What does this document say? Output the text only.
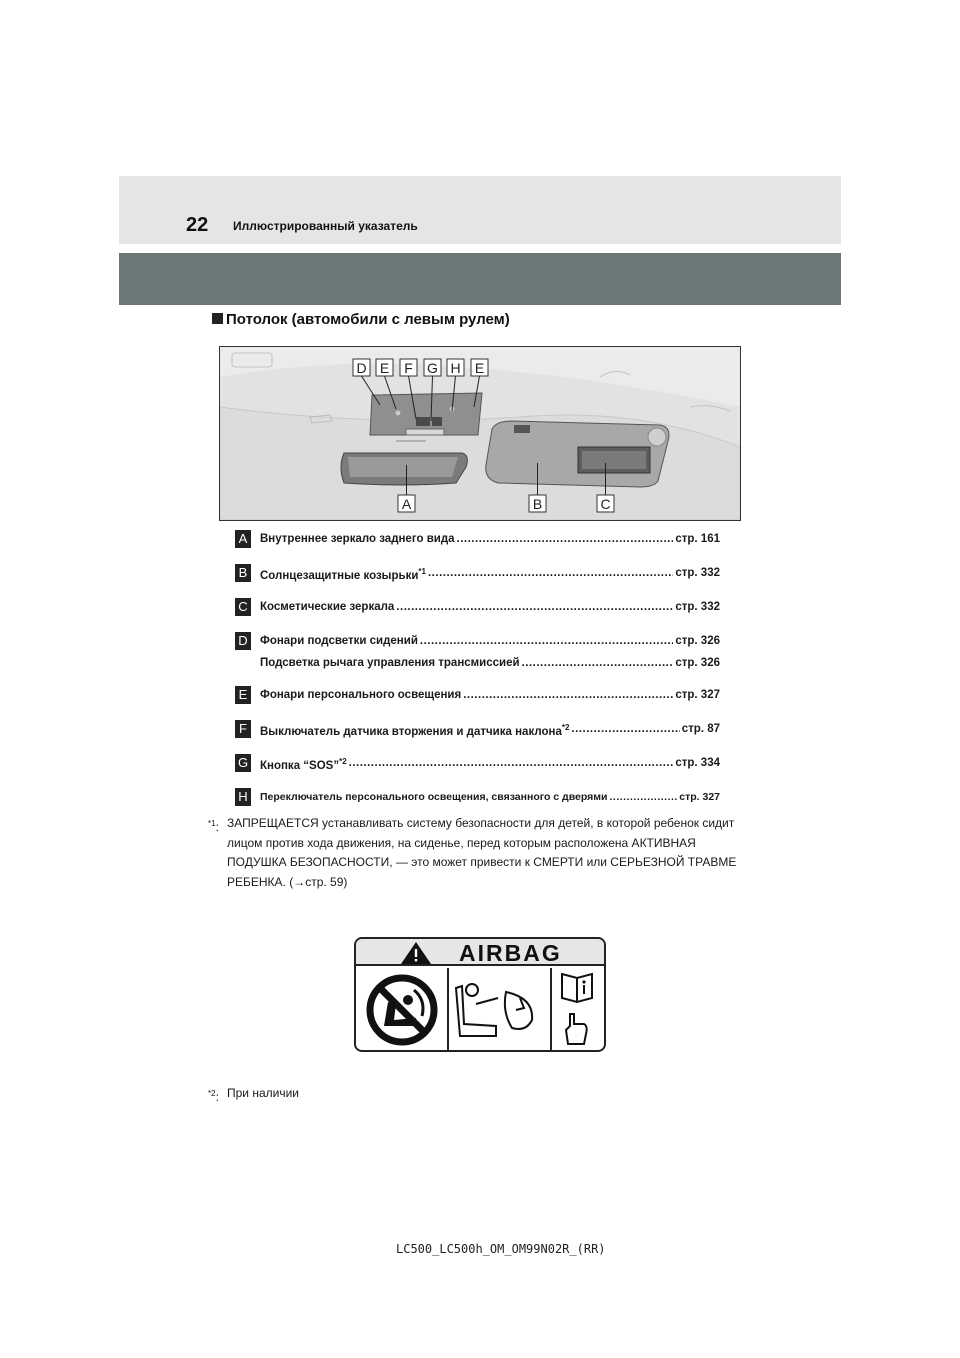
22 Иллюстрированный указатель
Потолок (автомобили с левым рулем)
D E F G H E
A	B	C
A	Внутреннее зеркало заднего вида .....	стр. 161
B	Солнцезащитные козырьки$^{*1}$ .....	стр. 332
C Косметические зеркала .....	стр. 332
D Фонари подсветки сидений .....	стр. 326
Подсветка рычага управления трансмиссией .....	стр. 326
E	Фонари персонального освещения .....	стр. 327
F	Выключатель датчика вторжения и датчика наклона$^{*2}$ .....	стр. 87
G Кнопка “SOS”$^{*2}$ .....	стр. 334
H	Переключатель персонального освещения, связанного с дверями .....	стр. 327
$^{*1}$: ЗАПРЕЩАЕТСЯ устанавливать систему безопасности для детей, в которой ребенок сидит лицом против хода движения, на сиденье, перед которым расположена АКТИВНАЯ ПОДУШКА БЕЗОПАСНОСТИ, — это может привести к СМЕРТИ или СЕРЬЕЗНОЙ ТРАВМЕ РЕБЕНКА. (→стр. 59)
AIRBAG
$^{*2}$: При наличии
LC500_LC500h_OM_OM99N02R_(RR)
